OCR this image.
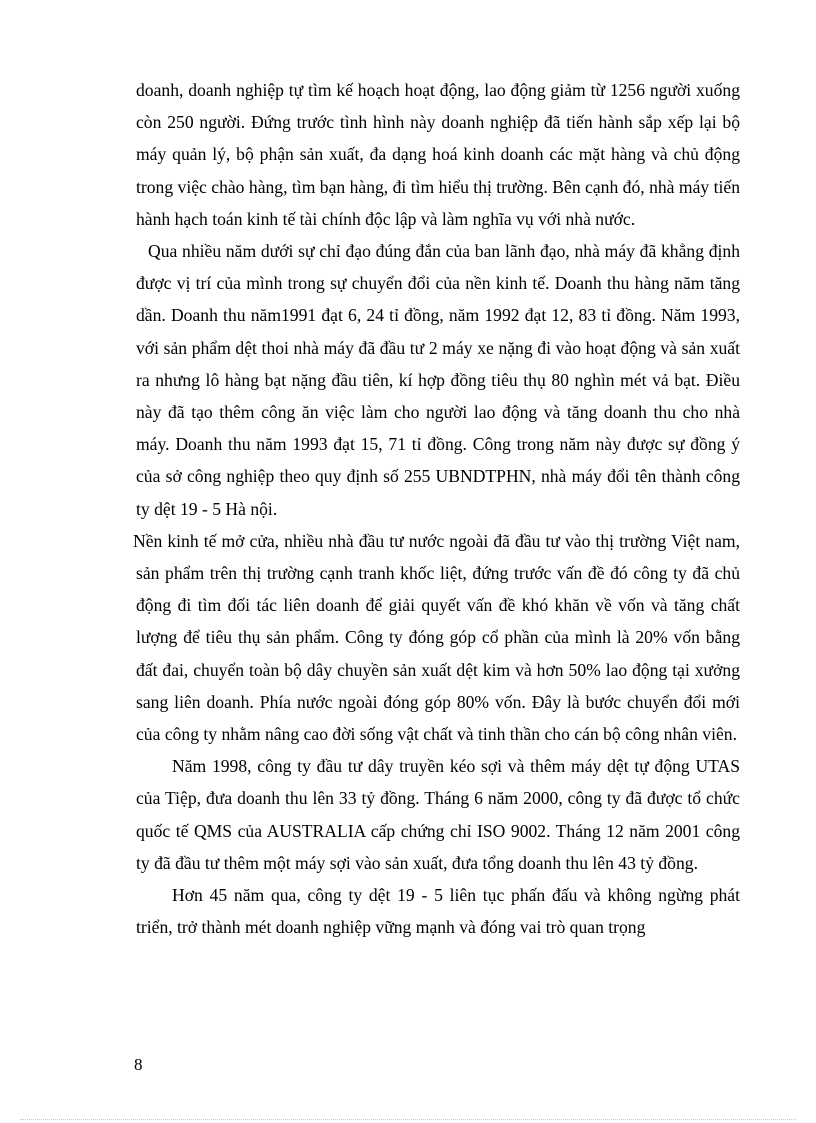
doanh, doanh nghiệp tự tìm kế hoạch hoạt động, lao động giảm từ 1256 người xuống còn 250 người. Đứng trước tình hình này doanh nghiệp đã tiến hành sắp xếp lại bộ máy quản lý, bộ phận sản xuất, đa dạng hoá kinh doanh các mặt hàng và chủ động trong việc chào hàng, tìm bạn hàng, đi tìm hiểu thị trường. Bên cạnh đó, nhà máy tiến hành hạch toán kinh tế tài chính độc lập và làm nghĩa vụ với nhà nước.

Qua nhiều năm dưới sự chỉ đạo đúng đắn của ban lãnh đạo, nhà máy đã khẳng định được vị trí của mình trong sự chuyển đổi của nền kinh tế. Doanh thu hàng năm tăng dần. Doanh thu năm1991 đạt 6, 24 tỉ đồng, năm 1992 đạt 12, 83 tỉ đồng. Năm 1993, với sản phẩm dệt thoi nhà máy đã đầu tư 2 máy xe nặng đi vào hoạt động và sản xuất ra nhưng lô hàng bạt nặng đầu tiên, kí hợp đồng tiêu thụ 80 nghìn mét vả bạt. Điều này đã tạo thêm công ăn việc làm cho người lao động và tăng doanh thu cho nhà máy. Doanh thu năm 1993 đạt 15, 71 tỉ đồng. Công trong năm này được sự đồng ý của sở công nghiệp theo quy định số 255 UBNDTPHN, nhà máy đổi tên thành công ty dệt 19 - 5 Hà nội.

Nền kinh tế mở cửa, nhiều nhà đầu tư nước ngoài đã đầu tư vào thị trường Việt nam, sản phẩm trên thị trường cạnh tranh khốc liệt, đứng trước vấn đề đó công ty đã chủ động đi tìm đối tác liên doanh để giải quyết vấn đề khó khăn về vốn và tăng chất lượng để tiêu thụ sản phẩm. Công ty đóng góp cổ phần của mình là 20% vốn bằng đất đai, chuyển toàn bộ dây chuyền sản xuất dệt kim và hơn 50% lao động tại xưởng sang liên doanh. Phía nước ngoài đóng góp 80% vốn. Đây là bước chuyển đổi mới của công ty nhằm nâng cao đời sống vật chất và tinh thần cho cán bộ công nhân viên.

Năm 1998, công ty đầu tư dây truyền kéo sợi và thêm máy dệt tự động UTAS của Tiệp, đưa doanh thu lên 33 tỷ đồng. Tháng 6 năm 2000, công ty đã được tổ chức quốc tế QMS của AUSTRALIA cấp chứng chỉ ISO 9002. Tháng 12 năm 2001 công ty đã đầu tư thêm một máy sợi vào sản xuất, đưa tổng doanh thu lên 43 tỷ đồng.

Hơn 45 năm qua, công ty dệt 19 - 5 liên tục phấn đấu và không ngừng phát triển, trở thành mét doanh nghiệp vững mạnh và đóng vai trò quan trọng

8
